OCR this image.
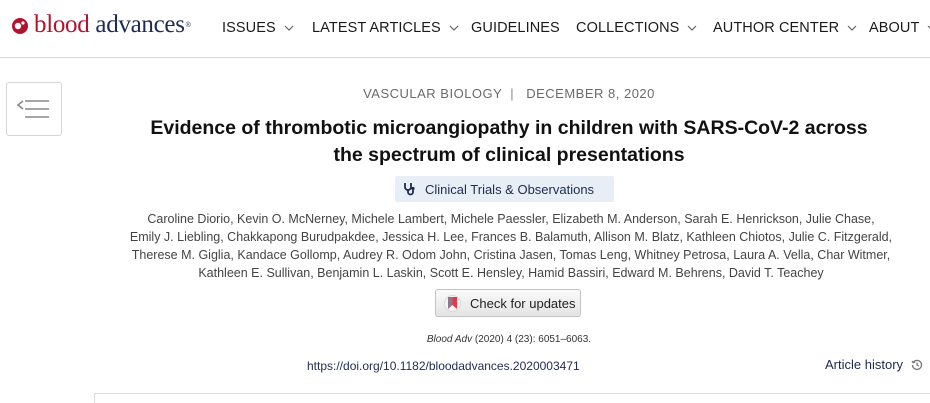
blood advances ® ISSUES LATEST ARTICLES GUIDELINES COLLECTIONS AUTHOR CENTER ABOUT
VASCULAR BIOLOGY | DECEMBER 8, 2020
Evidence of thrombotic microangiopathy in children with SARS-CoV-2 across
the spectrum of clinical presentations
Clinical Trials & Observations
Caroline Diorio, Kevin O. McNerney, Michele Lambert, Michele Paessler, Elizabeth M. Anderson, Sarah E. Henrickson, Julie Chase,
Emily J. Liebling, Chakkapong Burudpakdee, Jessica H. Lee, Frances B. Balamuth, Allison M. Blatz, Kathleen Chiotos, Julie C. Fitzgerald,
Therese M. Giglia, Kandace Gollomp, Audrey R. Odom John, Cristina Jasen, Tomas Leng, Whitney Petrosa, Laura A. Vella, Char Witmer,
Kathleen E. Sullivan, Benjamin L. Laskin, Scott E. Hensley, Hamid Bassiri, Edward M. Behrens, David T. Teachey
Check for updates
Blood Adv (2020) 4 (23): 6051–6063.
https://doi.org/10.1182/bloodadvances.2020003471	Article history
